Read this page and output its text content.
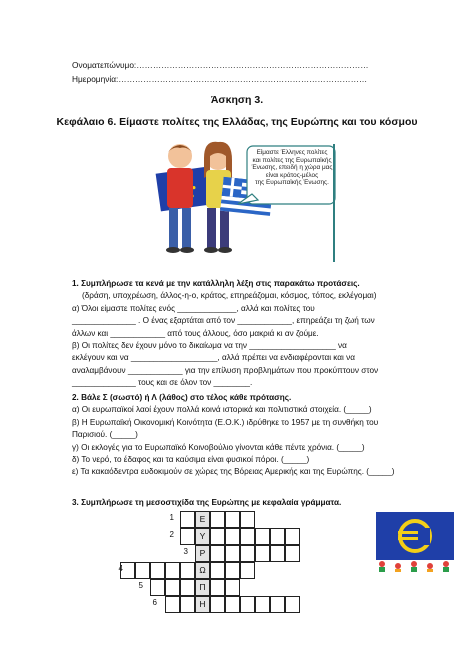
Ονοματεπώνυμο:…………………………………………………………………………
Ημερομηνία:………………………………………………………………………………
Άσκηση 3.
Κεφάλαιο 6. Είμαστε πολίτες της Ελλάδας, της Ευρώπης και του κόσμου
Είμαστε Έλληνες πολίτες
και πολίτες της Ευρωπαϊκής
Ένωσης, επειδή η χώρα μας
είναι κράτος-μέλος
της Ευρωπαϊκής Ένωσης.
1. Συμπλήρωσε τα κενά με την κατάλληλη λέξη στις παρακάτω προτάσεις.
(δράση, υποχρέωση, άλλος-η-ο, κράτος, επηρεάζομαι, κόσμος, τόπος, εκλέγομαι)
α) Όλοι είμαστε πολίτες ενός _____________, αλλά και πολίτες του
______________ . Ο ένας εξαρτάται από τον ____________, επηρεάζει τη ζωή των
άλλων και ____________ από τους άλλους, όσο μακριά κι αν ζούμε.
β) Οι πολίτες δεν έχουν μόνο το δικαίωμα να την ___________________ να
εκλέγουν και να ___________________, αλλά πρέπει να ενδιαφέρονται και να
αναλαμβάνουν ____________ για την επίλυση προβλημάτων που προκύπτουν στον
______________ τους και σε όλον τον ________.
2. Βάλε Σ (σωστό) ή Λ (λάθος) στο τέλος κάθε πρότασης.
α) Οι ευρωπαϊκοί λαοί έχουν πολλά κοινά ιστορικά και πολιτιστικά στοιχεία. (_____)
β) Η Ευρωπαϊκή Οικονομική Κοινότητα (Ε.Ο.Κ.) ιδρύθηκε το 1957 με τη συνθήκη του
Παρισιού. (_____)
γ) Οι εκλογές για το Ευρωπαϊκό Κοινοβούλιο γίνονται κάθε πέντε χρόνια. (_____)
δ) Το νερό, το έδαφος και τα καύσιμα είναι φυσικοί πόροι. (_____)
ε) Τα κακαόδεντρα ευδοκιμούν σε χώρες της Βόρειας Αμερικής και της Ευρώπης. (_____)
3. Συμπλήρωσε τη μεσοστιχίδα της Ευρώπης με κεφαλαία γράμματα.
1
2
3
4
5
6
Ε
Υ
Ρ
Ω
Π
Η
